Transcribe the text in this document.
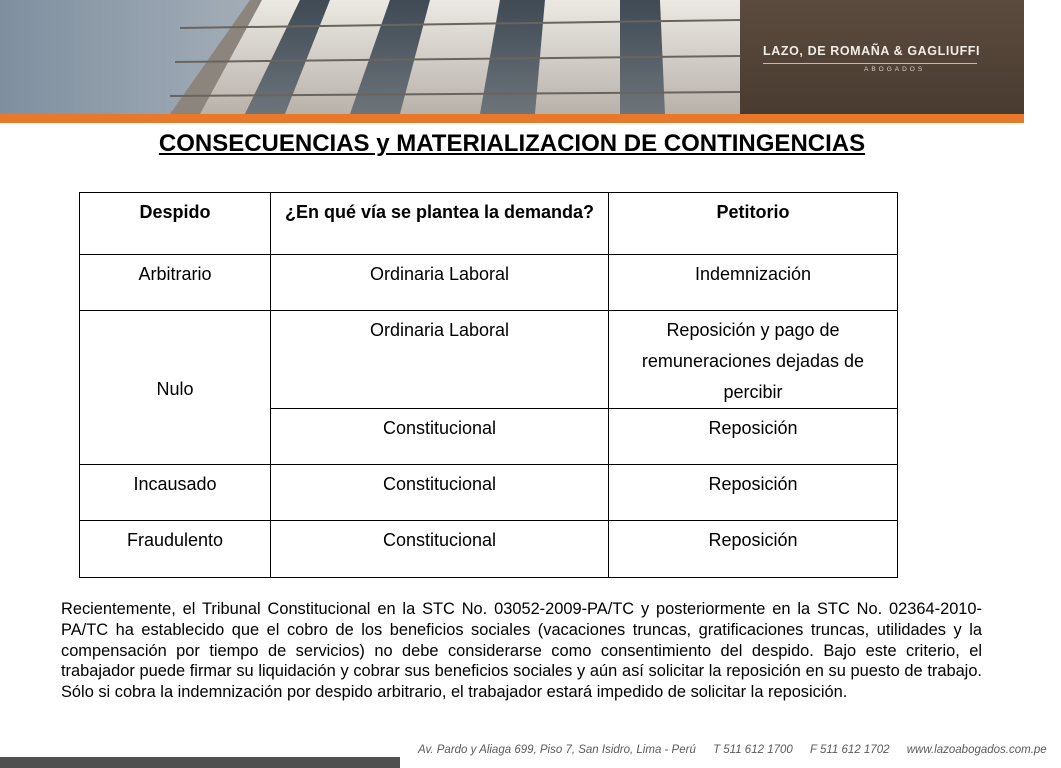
LAZO, DE ROMAÑA & GAGLIUFFI
ABOGADOS
CONSECUENCIAS y MATERIALIZACION DE CONTINGENCIAS
Despido	¿En qué vía se plantea la demanda?	Petitorio
Arbitrario	Ordinaria Laboral	Indemnización
Nulo	Ordinaria Laboral	Reposición y pago de remuneraciones dejadas de percibir
	Constitucional	Reposición
Incausado	Constitucional	Reposición
Fraudulento	Constitucional	Reposición

Recientemente, el Tribunal Constitucional en la STC No. 03052-2009-PA/TC y posteriormente en la STC No. 02364-2010-PA/TC ha establecido que el cobro de los beneficios sociales (vacaciones truncas, gratificaciones truncas, utilidades y la compensación por tiempo de servicios) no debe considerarse como consentimiento del despido. Bajo este criterio, el trabajador puede firmar su liquidación y cobrar sus beneficios sociales y aún así solicitar la reposición en su puesto de trabajo. Sólo si cobra la indemnización por despido arbitrario, el trabajador estará impedido de solicitar la reposición.

Av. Pardo y Aliaga 699, Piso 7, San Isidro, Lima - Perú T 511 612 1700 F 511 612 1702 www.lazoabogados.com.pe
